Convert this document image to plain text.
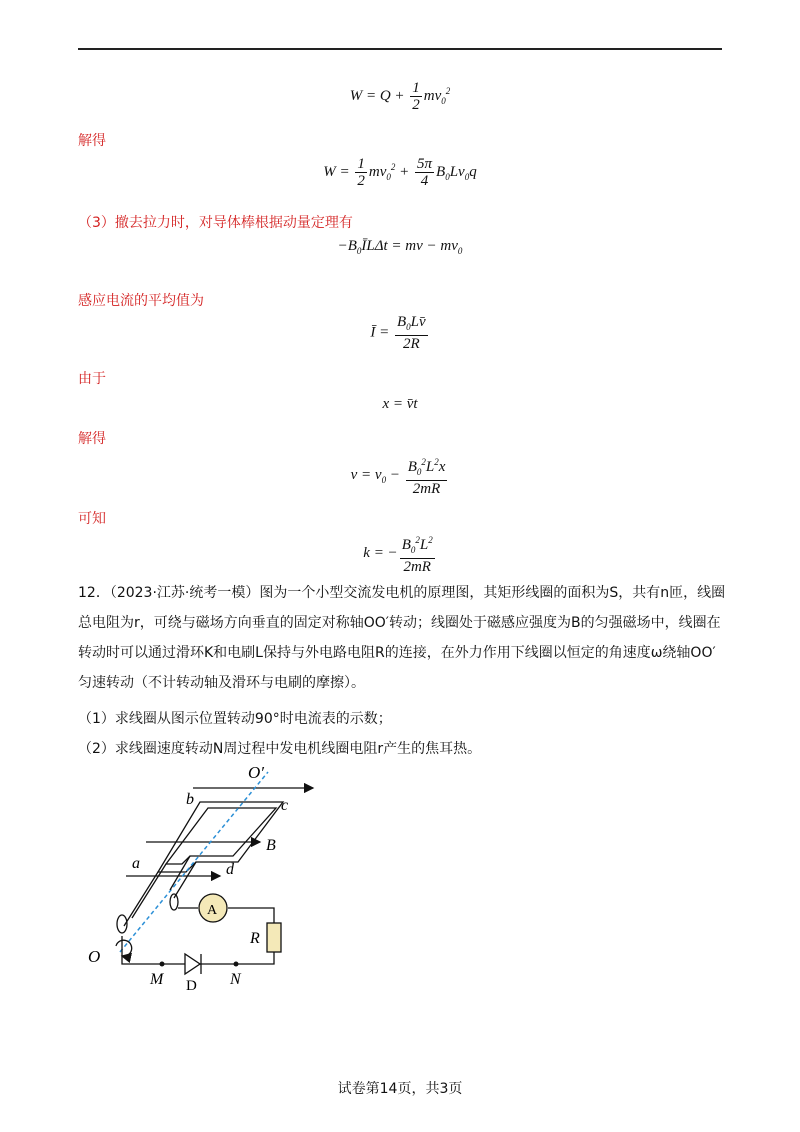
$W = Q + \frac{1}{2} mv_0^2$
解得
$W = \frac{1}{2} mv_0^2 + \frac{5\pi}{4} B_0Lv_0q$
（3）撤去拉力时，对导体棒根据动量定理有
$-B_0ĪL\Delta t$ = mv − $mv_0$
感应电流的平均值为
Ī = $\frac{B_0Lv̄}{2R}$
由于
x = v̄t
解得
$v = v_0 - \frac{B_0^2L^2x}{2mR}$
可知
k = − $\frac{B_0^2L^2}{2mR}$
12．（2023·江苏·统考一模）图为一个小型交流发电机的原理图，其矩形线圈的面积为S，共有n匝，线圈总电阻为r，可绕与磁场方向垂直的固定对称轴OO′转动；线圈处于磁感应强度为B的匀强磁场中，线圈在转动时可以通过滑环K和电刷L保持与外电路电阻R的连接，在外力作用下线圈以恒定的角速度ω绕轴OO′匀速转动（不计转动轴及滑环与电刷的摩擦）。
（1）求线圈从图示位置转动90°时电流表的示数；
（2）求线圈速度转动N周过程中发电机线圈电阻r产生的焦耳热。
O′
b	c
B
a	d
A
R
O
M D N
试卷第14页，共3页
